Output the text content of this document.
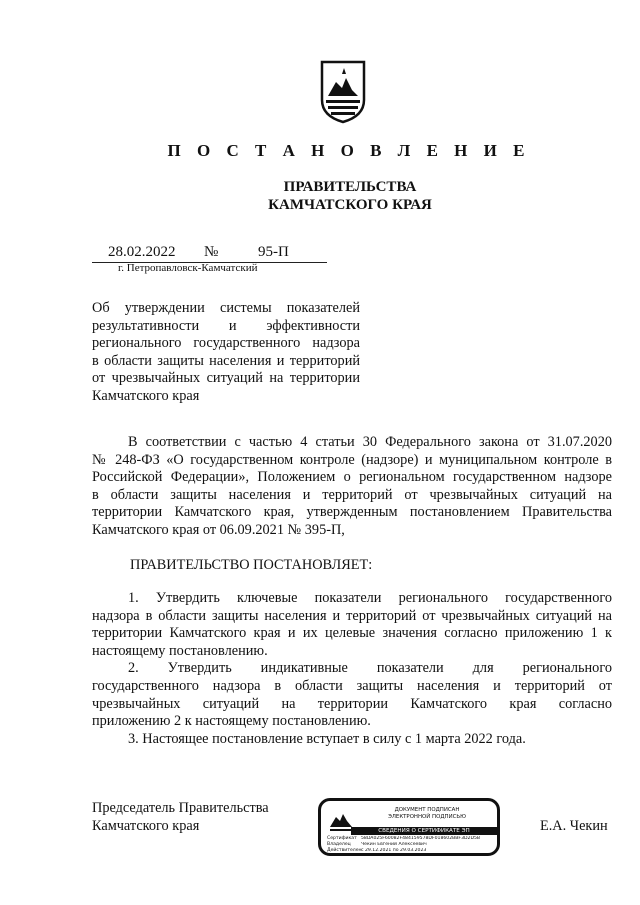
П О С Т А Н О В Л Е Н И Е
ПРАВИТЕЛЬСТВА
КАМЧАТСКОГО КРАЯ
28.02.2022 №	95-П
г. Петропавловск-Камчатский
Об утверждении системы показателей
результативности и эффективности
регионального государственного надзора
в области защиты населения и территорий
от чрезвычайных ситуаций на территории
Камчатского края
В соответствии с частью 4 статьи 30 Федерального закона от 31.07.2020
№ 248-ФЗ «О государственном контроле (надзоре) и муниципальном контроле в
Российской Федерации», Положением о региональном государственном надзоре
в области защиты населения и территорий от чрезвычайных ситуаций на
территории Камчатского края, утвержденным постановлением Правительства
Камчатского края от 06.09.2021 № 395-П,
ПРАВИТЕЛЬСТВО ПОСТАНОВЛЯЕТ:
1. Утвердить ключевые показатели регионального государственного
надзора в области защиты населения и территорий от чрезвычайных ситуаций на
территории Камчатского края и их целевые значения согласно приложению 1 к
настоящему постановлению.
2. Утвердить индикативные показатели для регионального
государственного надзора в области защиты населения и территорий от
чрезвычайных ситуаций на территории Камчатского края согласно
приложению 2 к настоящему постановлению.
3. Настоящее постановление вступает в силу с 1 марта 2022 года.
Председатель Правительства
Камчатского края	Е.А. Чекин
ДОКУМЕНТ ПОДПИСАН
ЭЛЕКТРОННОЙ ПОДПИСЬЮ
СВЕДЕНИЯ О СЕРТИФИКАТЕ ЭП
Сертификат 58DA025F60082F484159578DF018602BBF3D2D5B
Владелец	Чекин Евгений Алексеевич
Действителен с 29.12.2021 по 29.03.2023
